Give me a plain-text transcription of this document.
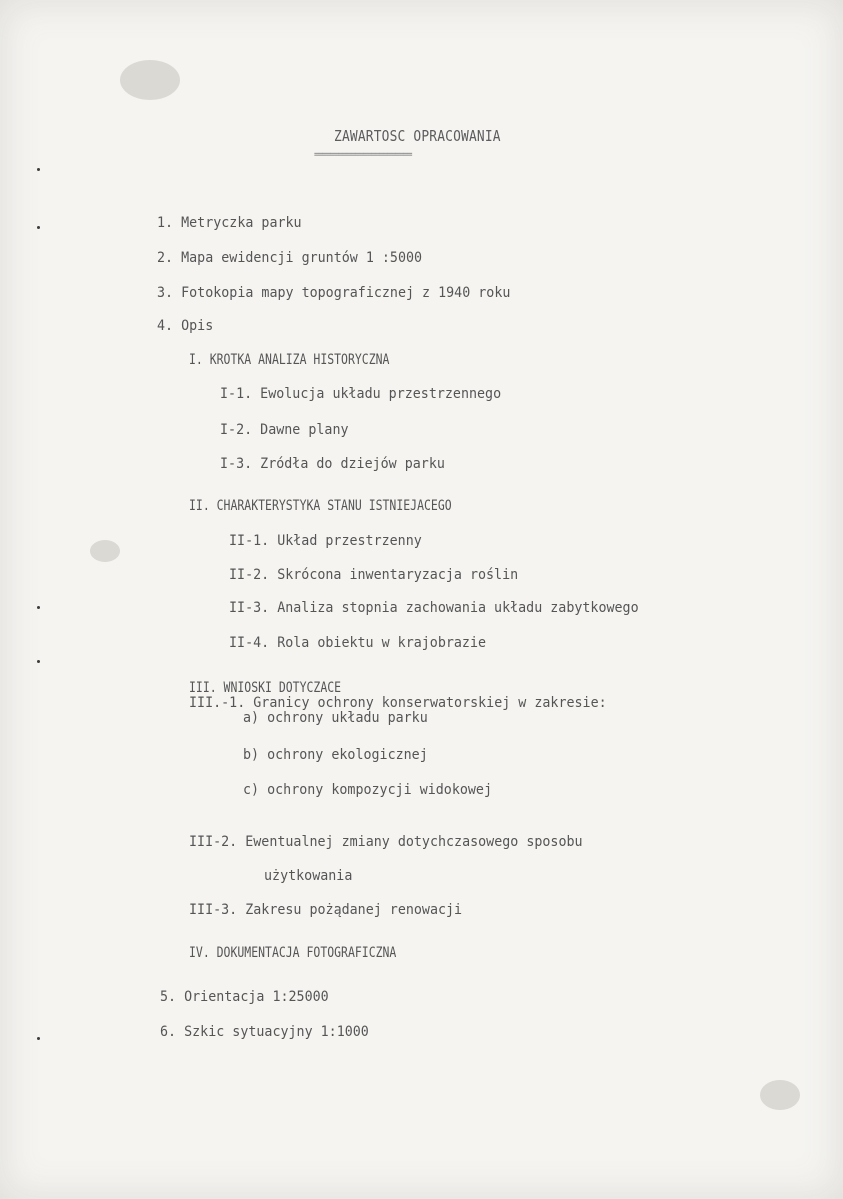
ZAWARTOSC OPRACOWANIA
========================
1. Metryczka parku
2. Mapa ewidencji gruntów 1 :5000
3. Fotokopia mapy topograficznej z 1940 roku
4. Opis
I. KROTKA ANALIZA HISTORYCZNA
I-1. Ewolucja układu przestrzennego
I-2. Dawne plany
I-3. Zródła do dziejów parku
II. CHARAKTERYSTYKA STANU ISTNIEJACEGO
II-1. Układ przestrzenny
II-2. Skrócona inwentaryzacja roślin
II-3. Analiza stopnia zachowania układu zabytkowego
II-4. Rola obiektu w krajobrazie
III. WNIOSKI DOTYCZACE
III.-1. Granicy ochrony konserwatorskiej w zakresie:
a) ochrony układu parku
b) ochrony ekologicznej
c) ochrony kompozycji widokowej
III-2. Ewentualnej zmiany dotychczasowego sposobu
użytkowania
III-3. Zakresu pożądanej renowacji
IV. DOKUMENTACJA FOTOGRAFICZNA
5. Orientacja 1:25000
6. Szkic sytuacyjny 1:1000
